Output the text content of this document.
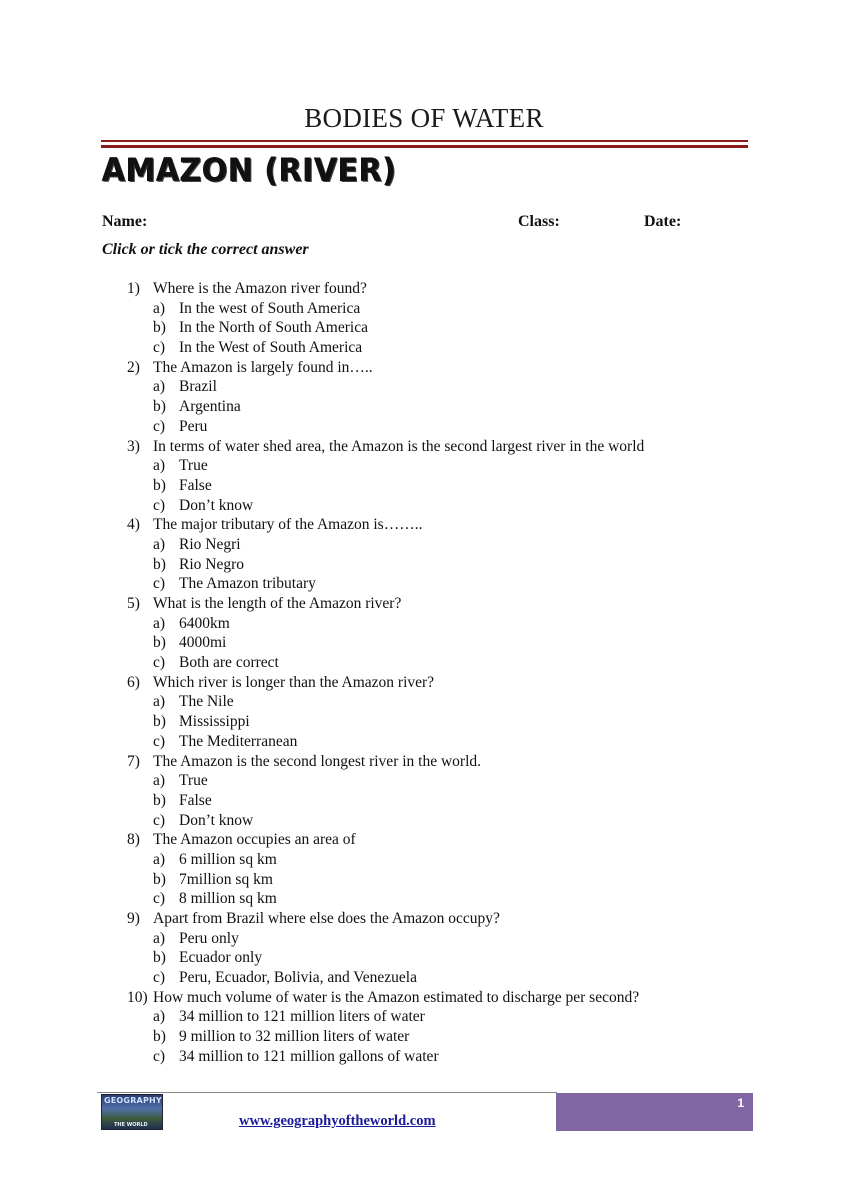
BODIES OF WATER
AMAZON (RIVER)
Name:	Class:	Date:
Click or tick the correct answer
1) Where is the Amazon river found?
a) In the west of South America
b) In the North of South America
c) In the West of South America
2) The Amazon is largely found in…..
a) Brazil
b) Argentina
c) Peru
3) In terms of water shed area, the Amazon is the second largest river in the world
a) True
b) False
c) Don’t know
4) The major tributary of the Amazon is……..
a) Rio Negri
b) Rio Negro
c) The Amazon tributary
5) What is the length of the Amazon river?
a) 6400km
b) 4000mi
c) Both are correct
6) Which river is longer than the Amazon river?
a) The Nile
b) Mississippi
c) The Mediterranean
7) The Amazon is the second longest river in the world.
a) True
b) False
c) Don’t know
8) The Amazon occupies an area of
a) 6 million sq km
b) 7million sq km
c) 8 million sq km
9) Apart from Brazil where else does the Amazon occupy?
a) Peru only
b) Ecuador only
c) Peru, Ecuador, Bolivia, and Venezuela
10) How much volume of water is the Amazon estimated to discharge per second?
a) 34 million to 121 million liters of water
b) 9 million to 32 million liters of water
c) 34 million to 121 million gallons of water
GEOGRAPHY
THE WORLD	www.geographyoftheworld.com
1
